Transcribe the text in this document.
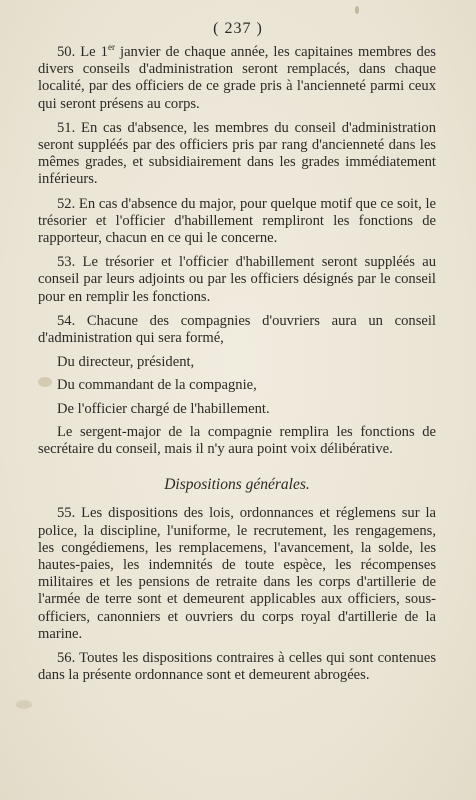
( 237 )

50. Le 1er janvier de chaque année, les capitaines membres des divers conseils d'administration seront remplacés, dans chaque localité, par des officiers de ce grade pris à l'ancienneté parmi ceux qui seront présens au corps.

51. En cas d'absence, les membres du conseil d'administration seront suppléés par des officiers pris par rang d'ancienneté dans les mêmes grades, et subsidiairement dans les grades immédiatement inférieurs.

52. En cas d'absence du major, pour quelque motif que ce soit, le trésorier et l'officier d'habillement rempliront les fonctions de rapporteur, chacun en ce qui le concerne.

53. Le trésorier et l'officier d'habillement seront suppléés au conseil par leurs adjoints ou par les officiers désignés par le conseil pour en remplir les fonctions.

54. Chacune des compagnies d'ouvriers aura un conseil d'administration qui sera formé,

Du directeur, président,
Du commandant de la compagnie,
De l'officier chargé de l'habillement.

Le sergent-major de la compagnie remplira les fonctions de secrétaire du conseil, mais il n'y aura point voix délibérative.

Dispositions générales.

55. Les dispositions des lois, ordonnances et réglemens sur la police, la discipline, l'uniforme, le recrutement, les rengagemens, les congédiemens, les remplacemens, l'avancement, la solde, les hautes-paies, les indemnités de toute espèce, les récompenses militaires et les pensions de retraite dans les corps d'artillerie de l'armée de terre sont et demeurent applicables aux officiers, sous-officiers, canonniers et ouvriers du corps royal d'artillerie de la marine.

56. Toutes les dispositions contraires à celles qui sont contenues dans la présente ordonnance sont et demeurent abrogées.
